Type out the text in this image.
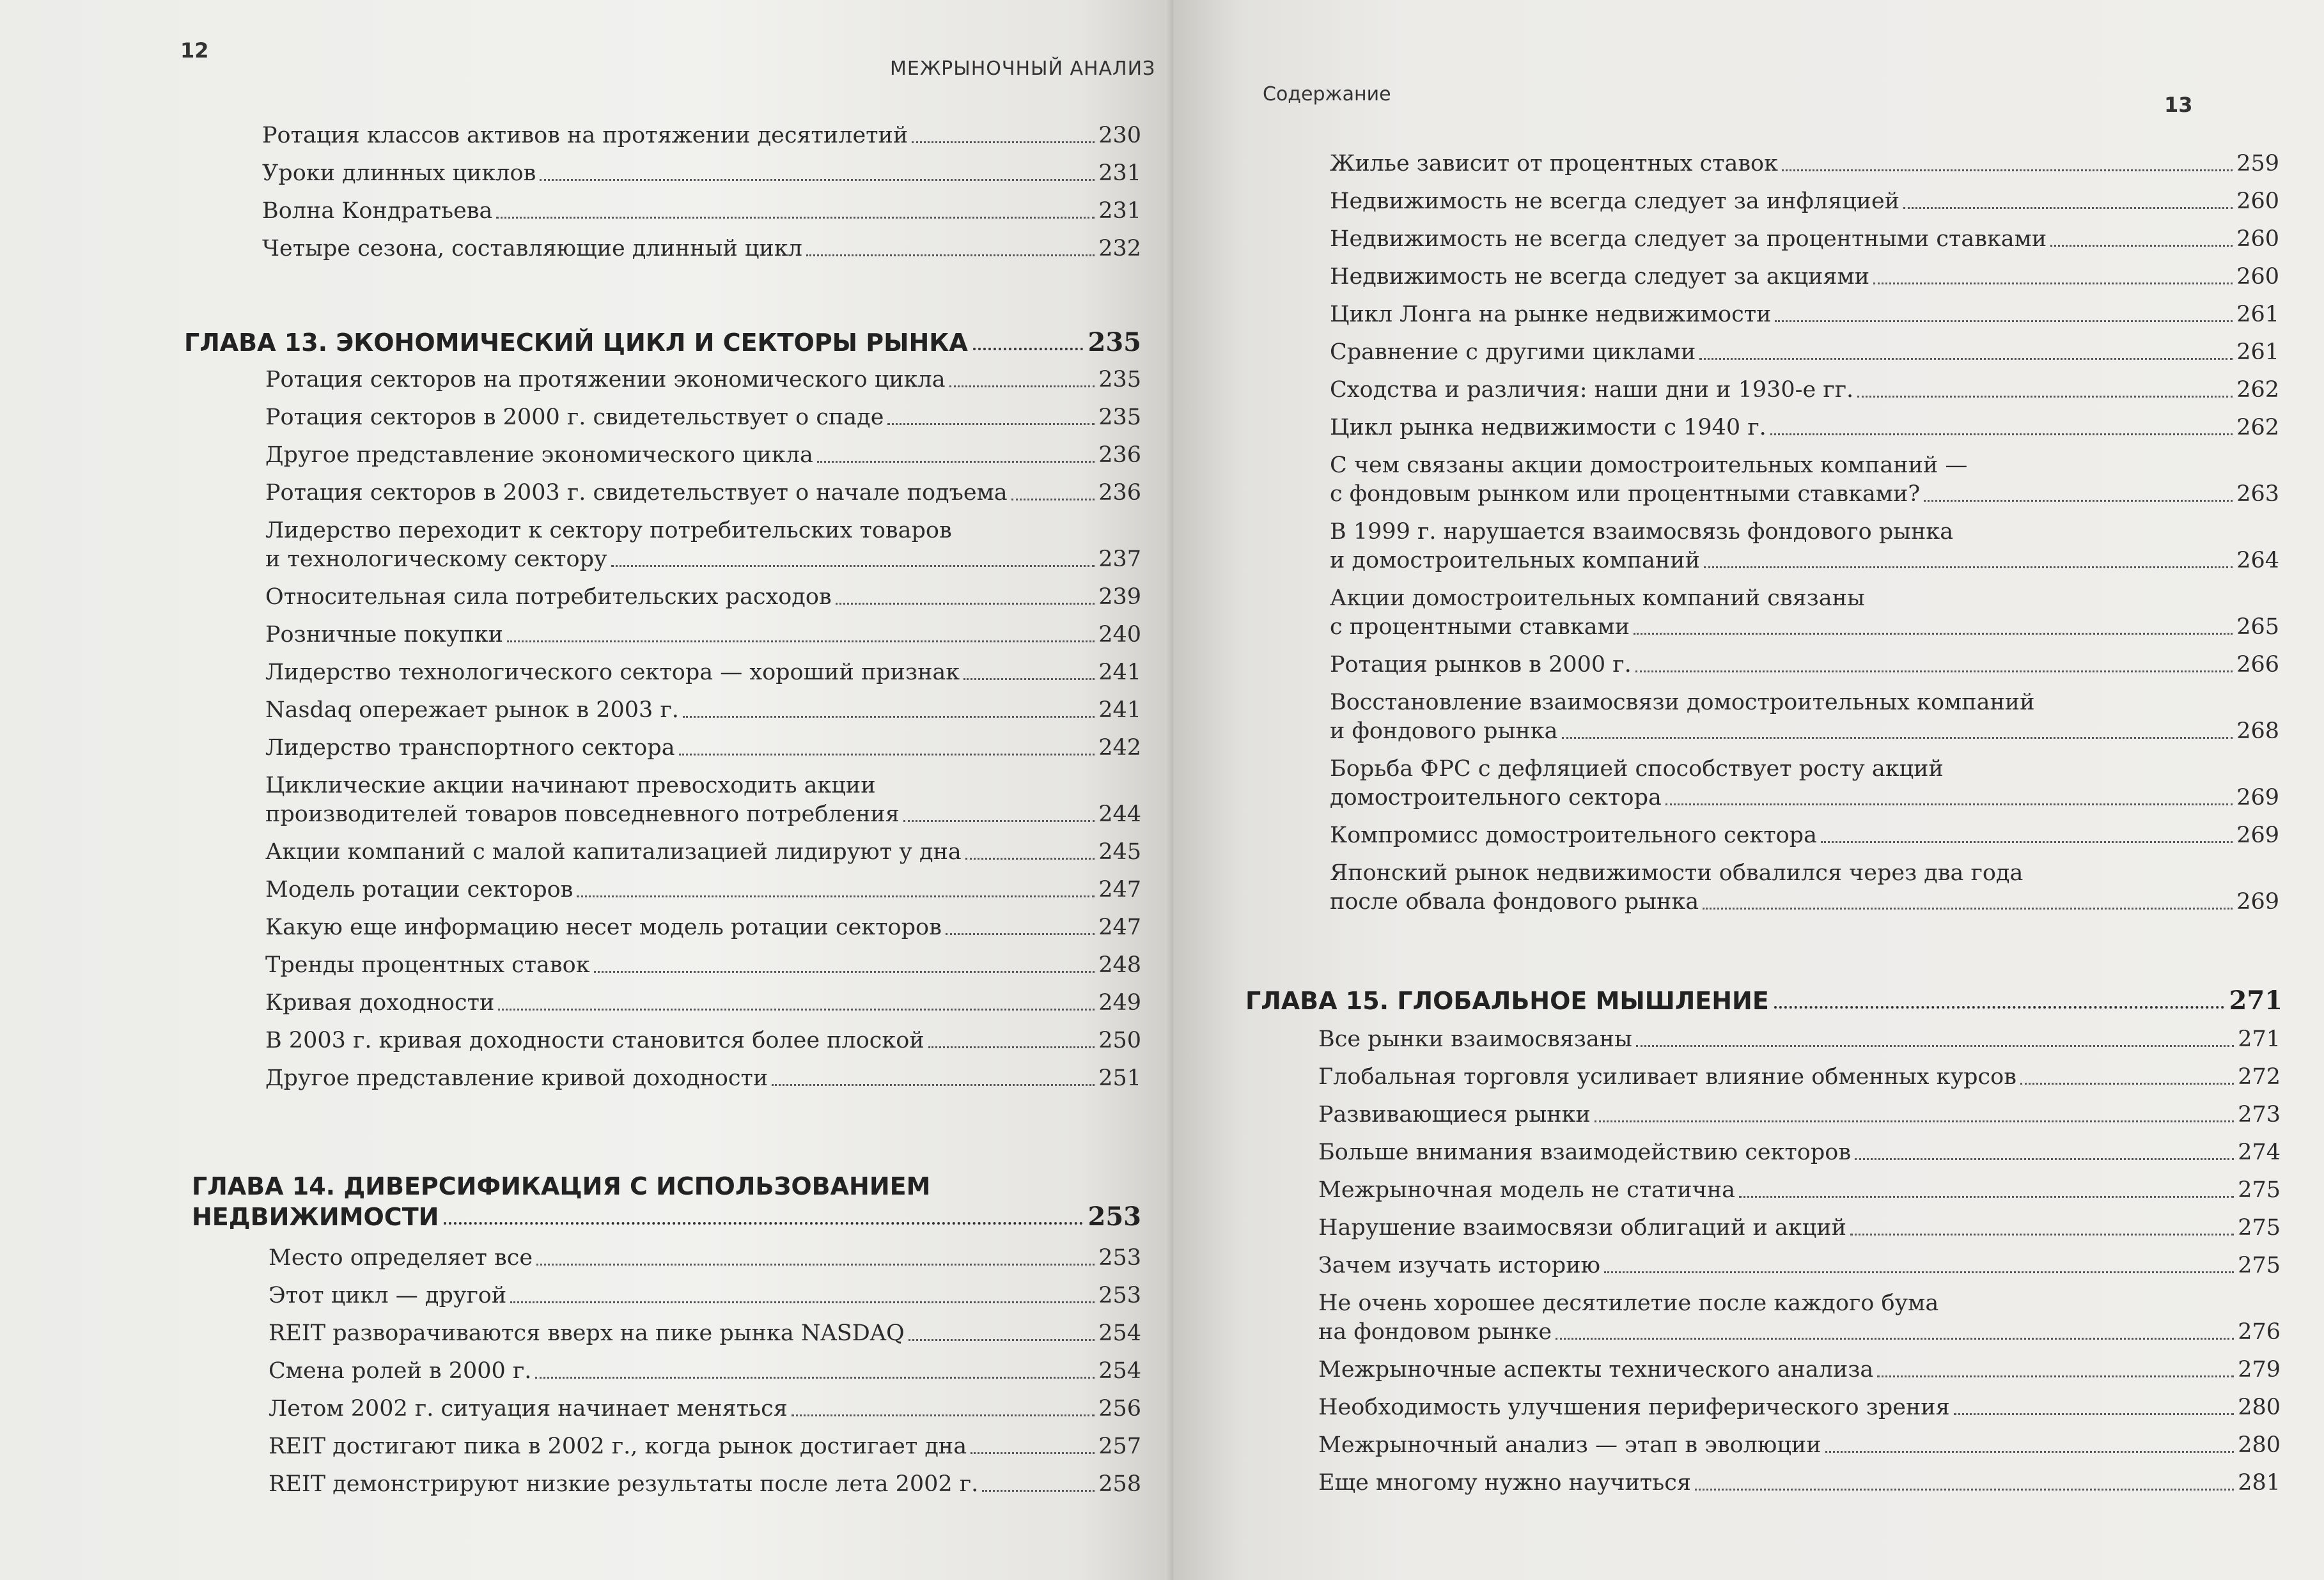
12
МЕЖРЫНОЧНЫЙ АНАЛИЗ
Ротация классов активов на протяжении десятилетий	230
Уроки длинных циклов	231
Волна Кондратьева	231
Четыре сезона, составляющие длинный цикл	232
ГЛАВА 13. ЭКОНОМИЧЕСКИЙ ЦИКЛ И СЕКТОРЫ РЫНКА	235
Ротация секторов на протяжении экономического цикла	235
Ротация секторов в 2000 г. свидетельствует о спаде	235
Другое представление экономического цикла	236
Ротация секторов в 2003 г. свидетельствует о начале подъема	236
Лидерство переходит к сектору потребительских товаров
и технологическому сектору	237
Относительная сила потребительских расходов	239
Розничные покупки	240
Лидерство технологического сектора — хороший признак	241
Nasdaq опережает рынок в 2003 г.	241
Лидерство транспортного сектора	242
Циклические акции начинают превосходить акции
производителей товаров повседневного потребления	244
Акции компаний с малой капитализацией лидируют у дна	245
Модель ротации секторов	247
Какую еще информацию несет модель ротации секторов	247
Тренды процентных ставок	248
Кривая доходности	249
В 2003 г. кривая доходности становится более плоской	250
Другое представление кривой доходности	251
ГЛАВА 14. ДИВЕРСИФИКАЦИЯ С ИСПОЛЬЗОВАНИЕМ
НЕДВИЖИМОСТИ	253
Место определяет все	253
Этот цикл — другой	253
REIT разворачиваются вверх на пике рынка NASDAQ	254
Смена ролей в 2000 г.	254
Летом 2002 г. ситуация начинает меняться	256
REIT достигают пика в 2002 г., когда рынок достигает дна	257
REIT демонстрируют низкие результаты после лета 2002 г.	258
Содержание	13
Жилье зависит от процентных ставок	259
Недвижимость не всегда следует за инфляцией	260
Недвижимость не всегда следует за процентными ставками	260
Недвижимость не всегда следует за акциями	260
Цикл Лонга на рынке недвижимости	261
Сравнение с другими циклами	261
Сходства и различия: наши дни и 1930-е гг.	262
Цикл рынка недвижимости с 1940 г.	262
С чем связаны акции домостроительных компаний —
с фондовым рынком или процентными ставками?	263
В 1999 г. нарушается взаимосвязь фондового рынка
и домостроительных компаний	264
Акции домостроительных компаний связаны
с процентными ставками	265
Ротация рынков в 2000 г.	266
Восстановление взаимосвязи домостроительных компаний
и фондового рынка	268
Борьба ФРС с дефляцией способствует росту акций
домостроительного сектора	269
Компромисс домостроительного сектора	269
Японский рынок недвижимости обвалился через два года
после обвала фондового рынка	269
ГЛАВА 15. ГЛОБАЛЬНОЕ МЫШЛЕНИЕ	271
Все рынки взаимосвязаны	271
Глобальная торговля усиливает влияние обменных курсов	272
Развивающиеся рынки	273
Больше внимания взаимодействию секторов	274
Межрыночная модель не статична	275
Нарушение взаимосвязи облигаций и акций	275
Зачем изучать историю	275
Не очень хорошее десятилетие после каждого бума
на фондовом рынке	276
Межрыночные аспекты технического анализа	279
Необходимость улучшения периферического зрения	280
Межрыночный анализ — этап в эволюции	280
Еще многому нужно научиться	281
